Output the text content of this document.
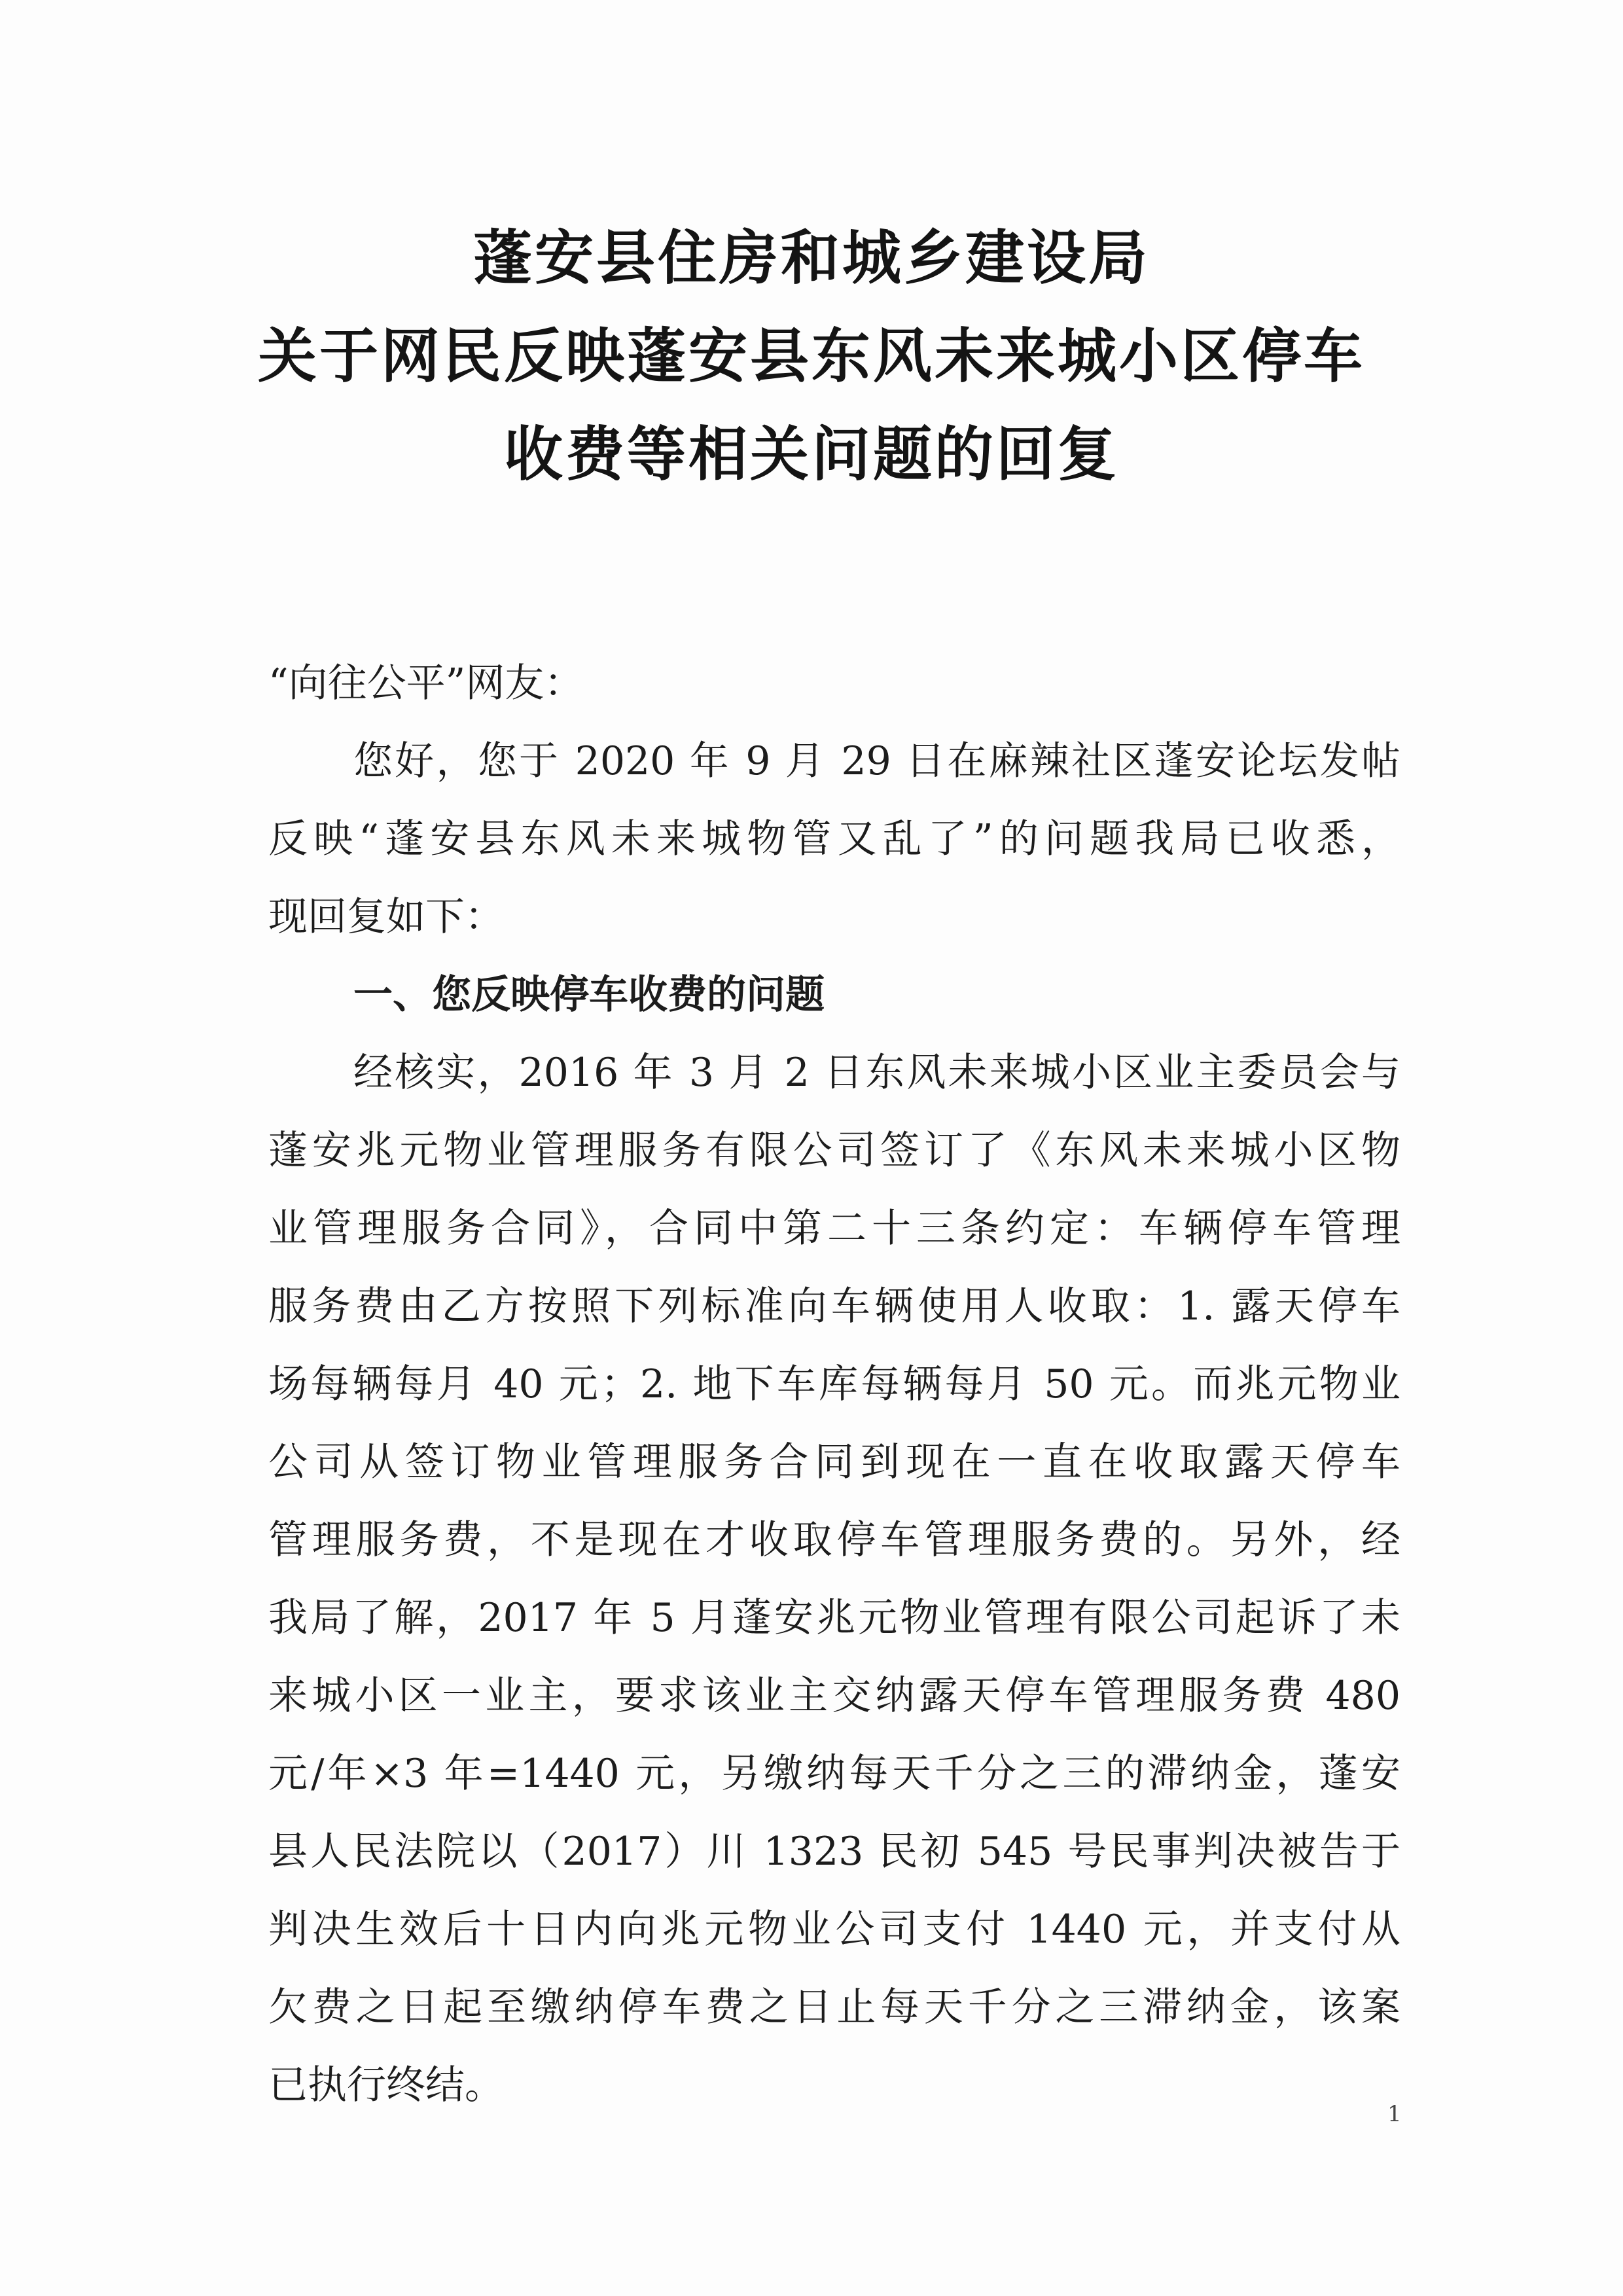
蓬安县住房和城乡建设局
关于网民反映蓬安县东风未来城小区停车
收费等相关问题的回复
“向往公平”网友：
您好，您于 2020 年 9 月 29 日在麻辣社区蓬安论坛发帖
反映“蓬安县东风未来城物管又乱了”的问题我局已收悉，
现回复如下：
一、您反映停车收费的问题
经核实，2016 年 3 月 2 日东风未来城小区业主委员会与
蓬安兆元物业管理服务有限公司签订了《东风未来城小区物
业管理服务合同》，合同中第二十三条约定：车辆停车管理
服务费由乙方按照下列标准向车辆使用人收取：1. 露天停车
场每辆每月 40 元；2. 地下车库每辆每月 50 元。而兆元物业
公司从签订物业管理服务合同到现在一直在收取露天停车
管理服务费，不是现在才收取停车管理服务费的。另外，经
我局了解，2017 年 5 月蓬安兆元物业管理有限公司起诉了未
来城小区一业主，要求该业主交纳露天停车管理服务费 480
元/年×3 年=1440 元，另缴纳每天千分之三的滞纳金，蓬安
县人民法院以（2017）川 1323 民初 545 号民事判决被告于
判决生效后十日内向兆元物业公司支付 1440 元，并支付从
欠费之日起至缴纳停车费之日止每天千分之三滞纳金，该案
已执行终结。
1
